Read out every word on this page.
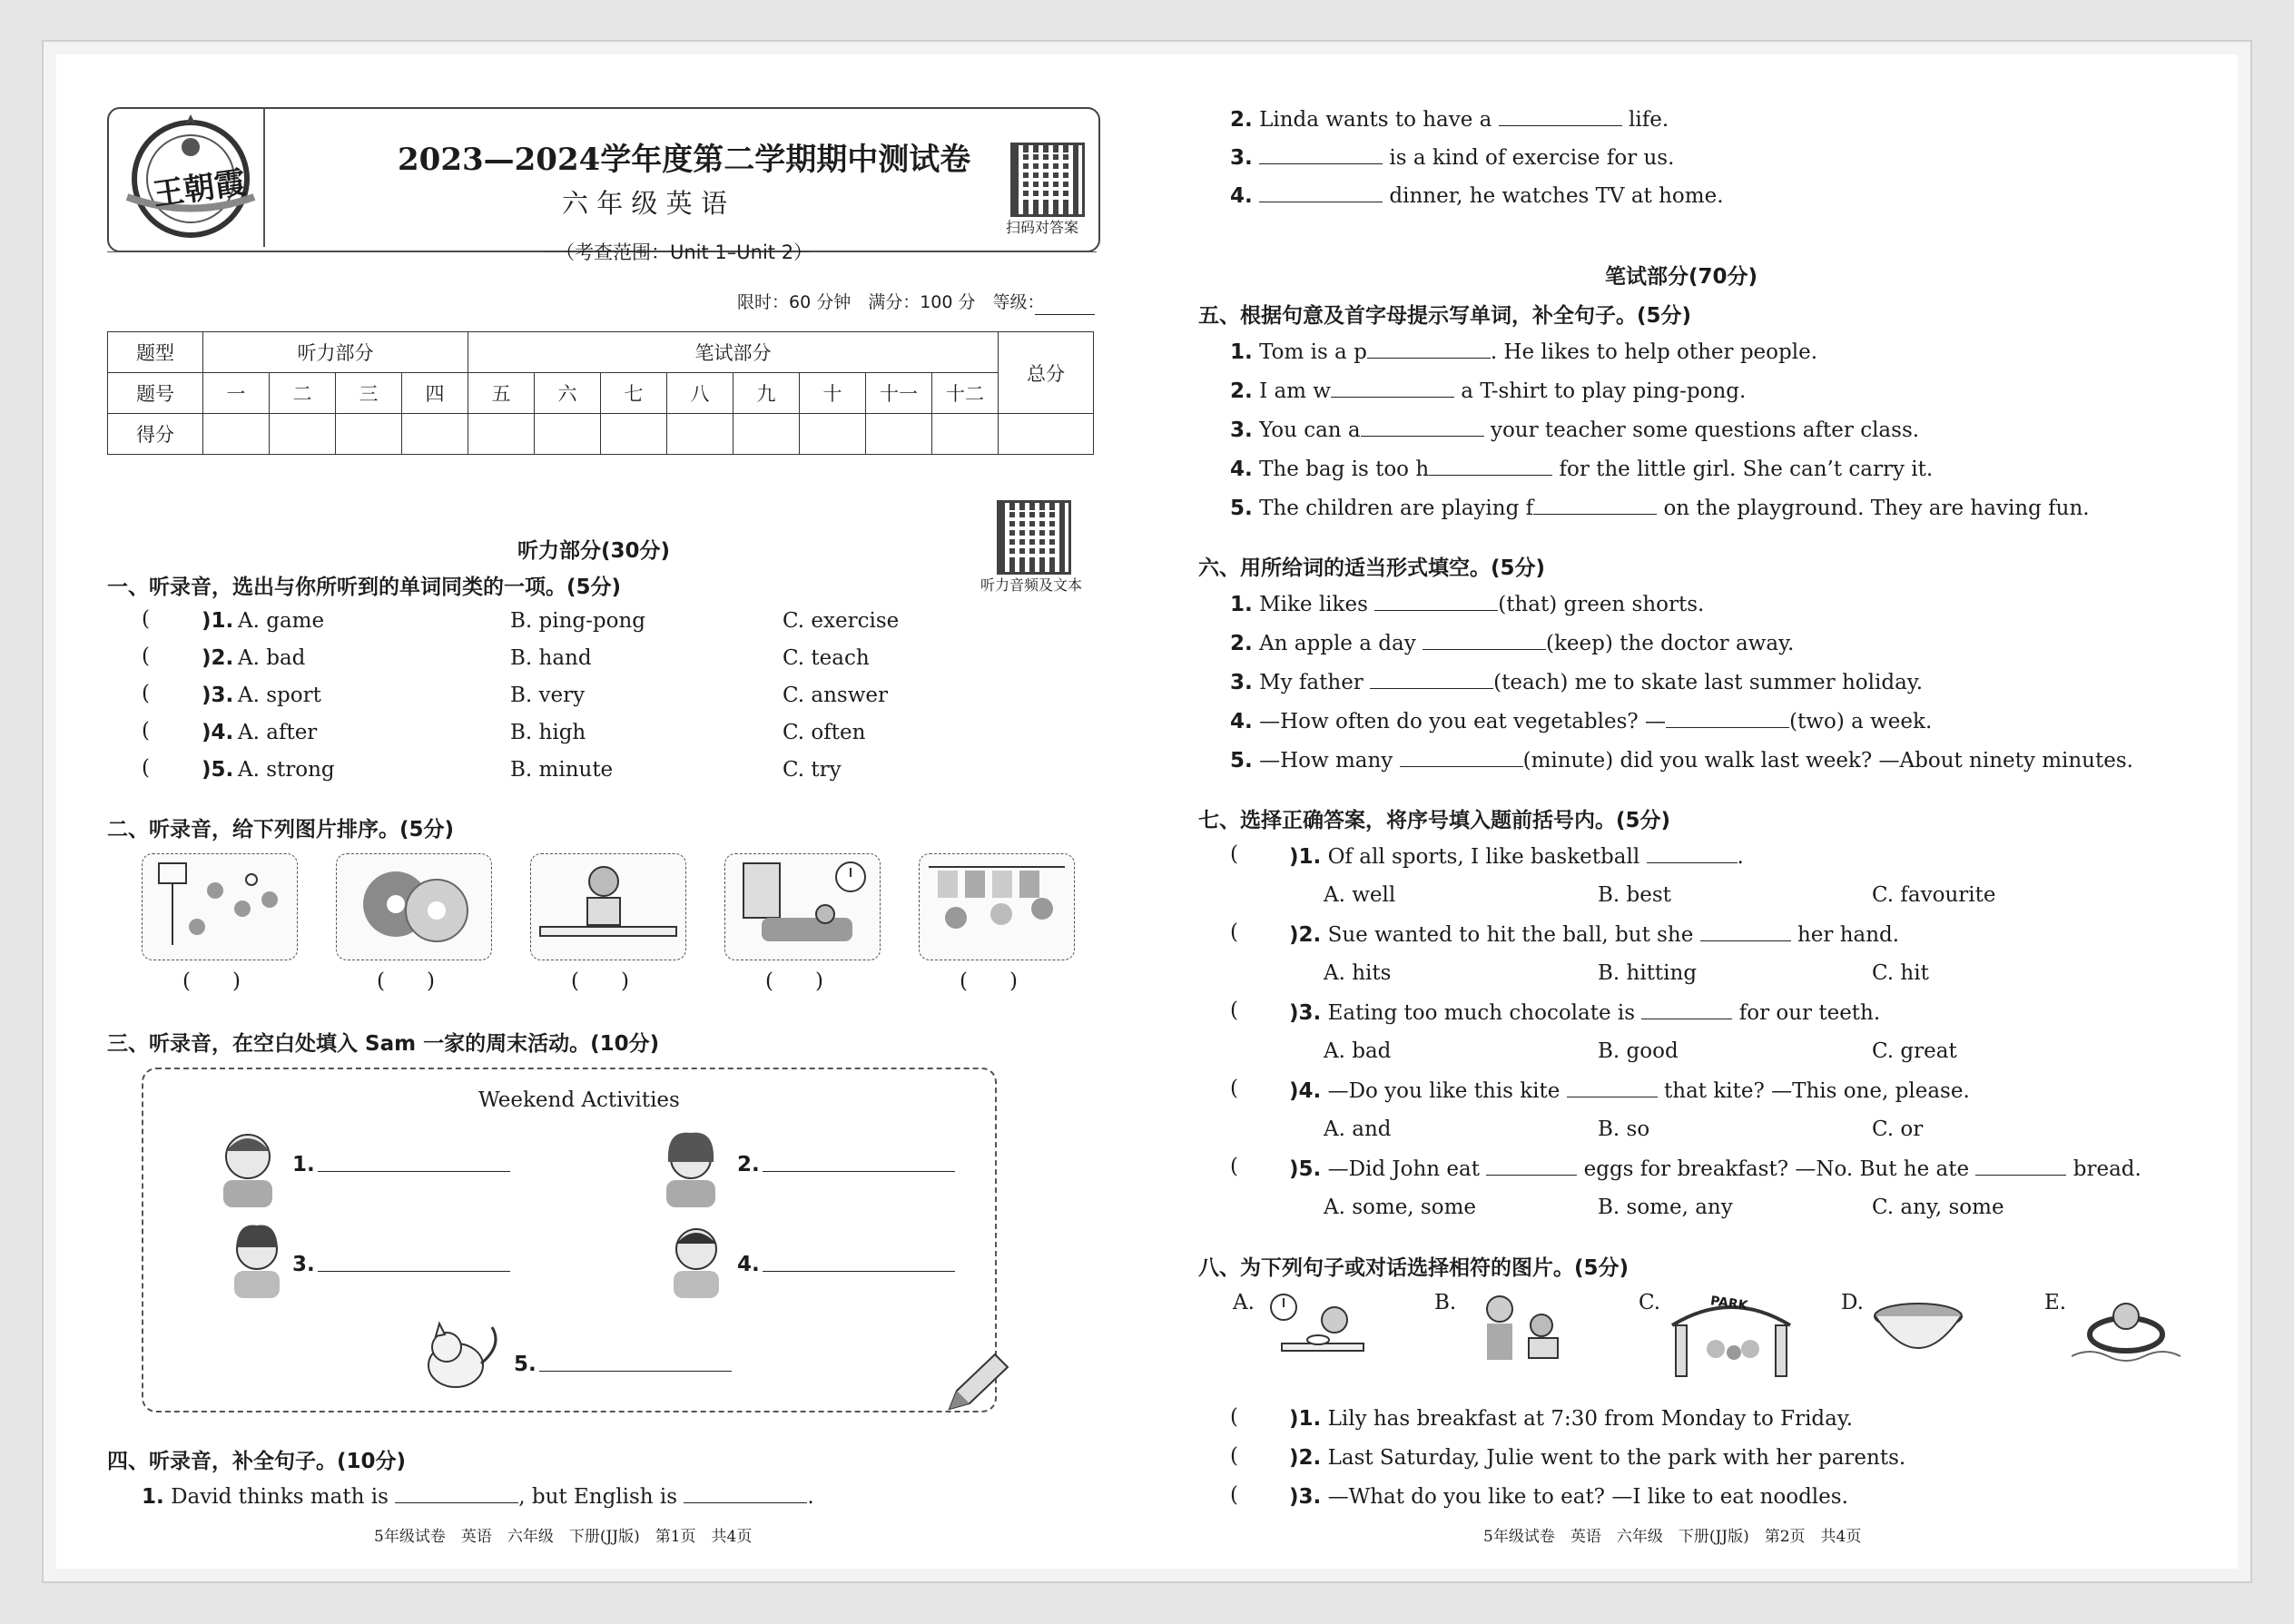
王朝霞
2023—2024学年度第二学期期中测试卷
六 年 级 英 语
扫码对答案
（考查范围：Unit 1–Unit 2）
限时：60 分钟　满分：100 分　等级：
题型	听力部分				笔试部分								总分
题号	一	二	三	四	五	六	七	八	九	十	十一	十二	
得分													
听力部分(30分)
听力音频及文本
一、听录音，选出与你所听到的单词同类的一项。(5分)
( )1. A. game	B. ping-pong	C. exercise
( )2. A. bad	B. hand	C. teach
( )3. A. sport	B. very	C. answer
( )4. A. after	B. high	C. often
( )5. A. strong	B. minute	C. try
二、听录音，给下列图片排序。(5分)
(　　)	(　　)	(　　)	(　　)	(　　)
三、听录音，在空白处填入 Sam 一家的周末活动。(10分)
Weekend Activities
1.	2.
3.	4.
5.
四、听录音，补全句子。(10分)
1. David thinks math is	, but English is	.
5年级试卷　英语　六年级　下册(JJ版)　第1页　共4页
2. Linda wants to have a	life.
3.	is a kind of exercise for us.
4.	dinner, he watches TV at home.
笔试部分(70分)
五、根据句意及首字母提示写单词，补全句子。(5分)
1. Tom is a p	. He likes to help other people.
2. I am w	a T-shirt to play ping-pong.
3. You can a	your teacher some questions after class.
4. The bag is too h	for the little girl. She can’t carry it.
5. The children are playing f	on the playground. They are having fun.
六、用所给词的适当形式填空。(5分)
1. Mike likes	(that) green shorts.
2. An apple a day	(keep) the doctor away.
3. My father	(teach) me to skate last summer holiday.
4. —How often do you eat vegetables? —	(two) a week.
5. —How many	(minute) did you walk last week? —About ninety minutes.
七、选择正确答案，将序号填入题前括号内。(5分)
( )1. Of all sports, I like basketball	.
A. well	B. best	C. favourite
( )2. Sue wanted to hit the ball, but she	her hand.
A. hits	B. hitting	C. hit
( )3. Eating too much chocolate is	for our teeth.
A. bad	B. good	C. great
( )4. —Do you like this kite	that kite? —This one, please.
A. and	B. so	C. or
( )5. —Did John eat	eggs for breakfast? —No. But he ate	bread.
A. some, some	B. some, any	C. any, some
八、为下列句子或对话选择相符的图片。(5分)
A.	B.	C.	PARK	D.	E.
( )1. Lily has breakfast at 7:30 from Monday to Friday.
( )2. Last Saturday, Julie went to the park with her parents.
( )3. —What do you like to eat? —I like to eat noodles.
5年级试卷　英语　六年级　下册(JJ版)　第2页　共4页
